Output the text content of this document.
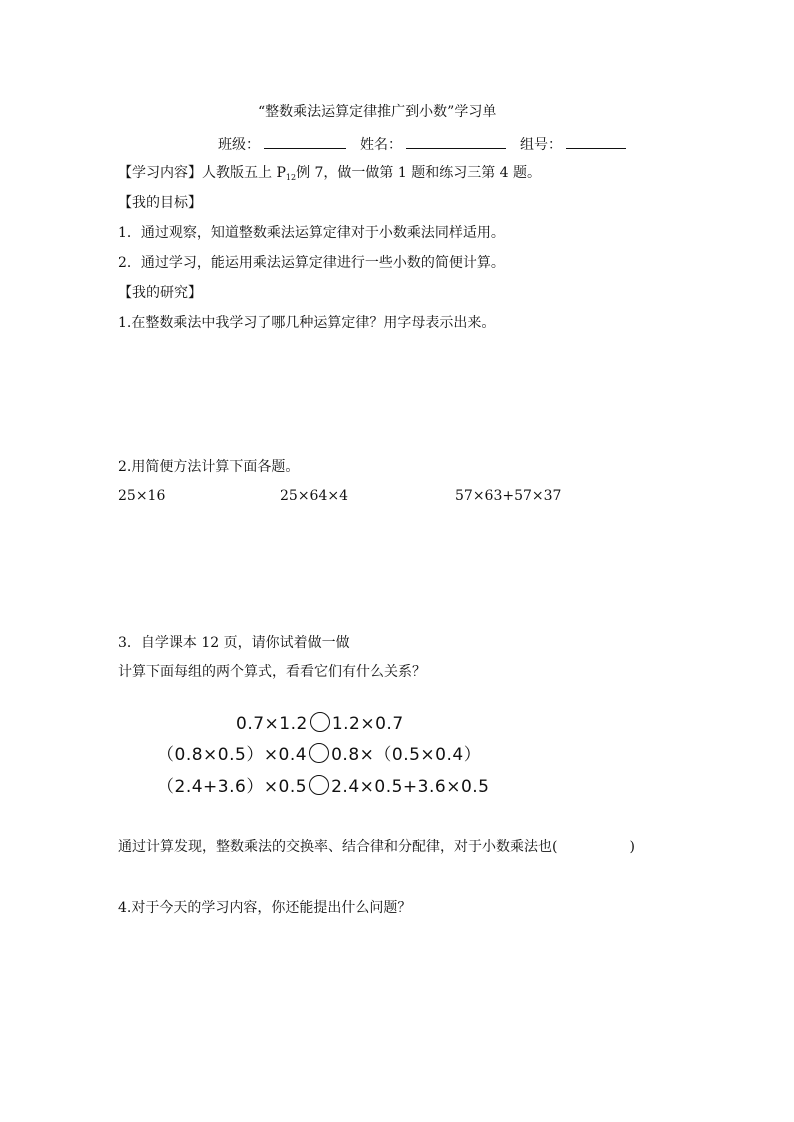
“整数乘法运算定律推广到小数”学习单
班级：	姓名：	组号：
【学习内容】人教版五上 $P_{12}$例 7，做一做第 1 题和练习三第 4 题。
【我的目标】
1．通过观察，知道整数乘法运算定律对于小数乘法同样适用。
2．通过学习，能运用乘法运算定律进行一些小数的简便计算。
【我的研究】
1.在整数乘法中我学习了哪几种运算定律？用字母表示出来。
2.用简便方法计算下面各题。
25×16	25×64×4	57×63+57×37
3．自学课本 12 页，请你试着做一做
计算下面每组的两个算式，看看它们有什么关系？
0.7×1.2 1.2×0.7
（0.8×0.5）×0.4 0.8×（0.5×0.4）
（2.4+3.6）×0.5 2.4×0.5+3.6×0.5
通过计算发现，整数乘法的交换率、结合律和分配律，对于小数乘法也(	)
4.对于今天的学习内容，你还能提出什么问题？
